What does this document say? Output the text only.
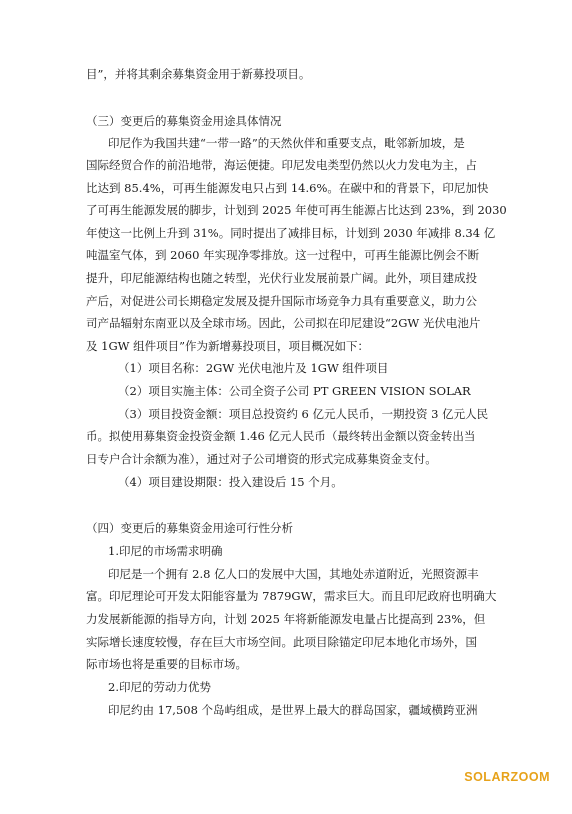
目”，并将其剩余募集资金用于新募投项目。
（三）变更后的募集资金用途具体情况
印尼作为我国共建“一带一路”的天然伙伴和重要支点，毗邻新加坡，是
国际经贸合作的前沿地带，海运便捷。印尼发电类型仍然以火力发电为主，占
比达到 85.4%，可再生能源发电只占到 14.6%。在碳中和的背景下，印尼加快
了可再生能源发展的脚步，计划到 2025 年使可再生能源占比达到 23%，到 2030
年使这一比例上升到 31%。同时提出了减排目标，计划到 2030 年减排 8.34 亿
吨温室气体，到 2060 年实现净零排放。这一过程中，可再生能源比例会不断
提升，印尼能源结构也随之转型，光伏行业发展前景广阔。此外，项目建成投
产后，对促进公司长期稳定发展及提升国际市场竞争力具有重要意义，助力公
司产品辐射东南亚以及全球市场。因此，公司拟在印尼建设“2GW 光伏电池片
及 1GW 组件项目”作为新增募投项目，项目概况如下：
（1）项目名称：2GW 光伏电池片及 1GW 组件项目
（2）项目实施主体：公司全资子公司 PT GREEN VISION SOLAR
（3）项目投资金额：项目总投资约 6 亿元人民币，一期投资 3 亿元人民
币。拟使用募集资金投资金额 1.46 亿元人民币（最终转出金额以资金转出当
日专户合计余额为准），通过对子公司增资的形式完成募集资金支付。
（4）项目建设期限：投入建设后 15 个月。
（四）变更后的募集资金用途可行性分析
1.印尼的市场需求明确
印尼是一个拥有 2.8 亿人口的发展中大国，其地处赤道附近，光照资源丰
富。印尼理论可开发太阳能容量为 7879GW，需求巨大。而且印尼政府也明确大
力发展新能源的指导方向，计划 2025 年将新能源发电量占比提高到 23%，但
实际增长速度较慢，存在巨大市场空间。此项目除锚定印尼本地化市场外，国
际市场也将是重要的目标市场。
2.印尼的劳动力优势
印尼约由 17,508 个岛屿组成，是世界上最大的群岛国家，疆域横跨亚洲
SOLARZOOM
